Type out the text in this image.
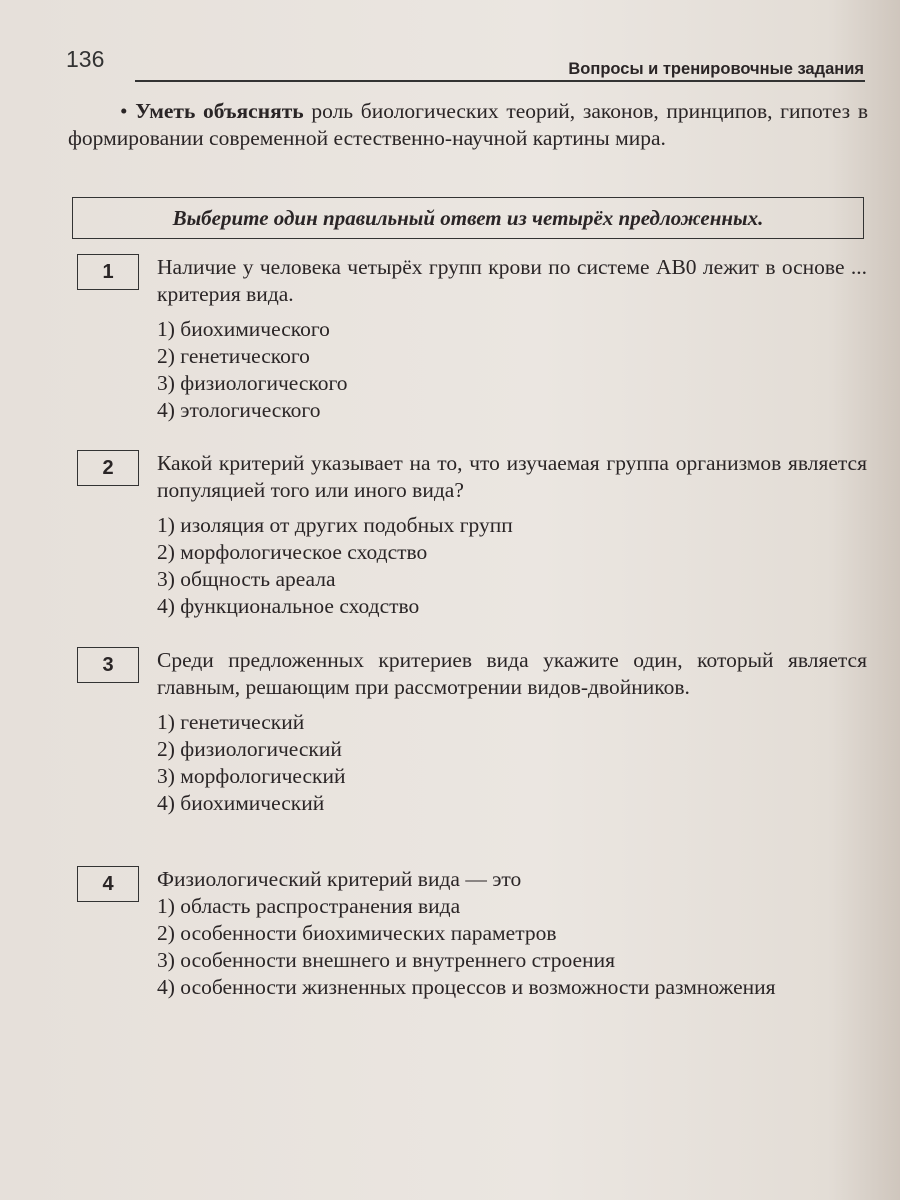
136	Вопросы и тренировочные задания
• Уметь объяснять роль биологических теорий, законов, принципов, гипотез в формировании современной естественно-научной картины мира.
Выберите один правильный ответ из четырёх предложенных.
1	Наличие у человека четырёх групп крови по системе АВ0 лежит в основе ... критерия вида.
1) биохимического
2) генетического
3) физиологического
4) этологического
2	Какой критерий указывает на то, что изучаемая группа организмов является популяцией того или иного вида?
1) изоляция от других подобных групп
2) морфологическое сходство
3) общность ареала
4) функциональное сходство
3	Среди предложенных критериев вида укажите один, который является главным, решающим при рассмотрении видов-двойников.
1) генетический
2) физиологический
3) морфологический
4) биохимический
4	Физиологический критерий вида — это
1) область распространения вида
2) особенности биохимических параметров
3) особенности внешнего и внутреннего строения
4) особенности жизненных процессов и возможности размножения
